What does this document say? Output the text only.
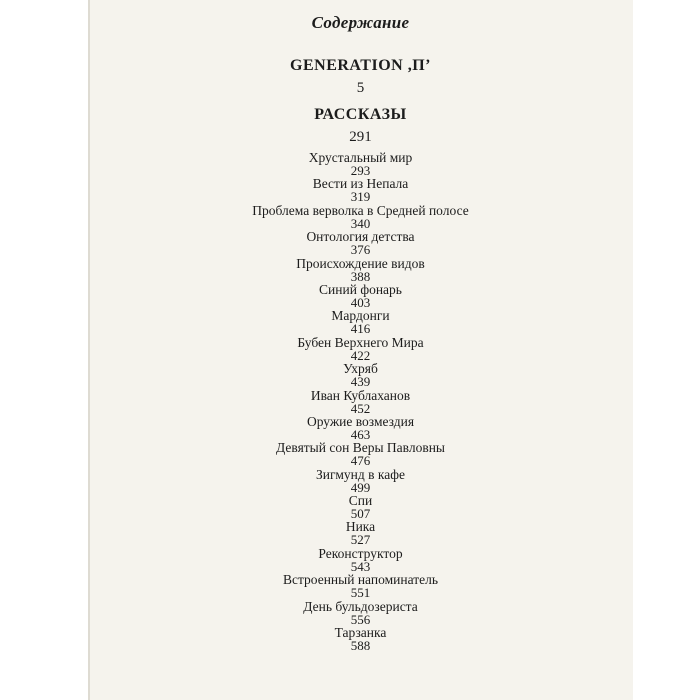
Содержание
GENERATION ,П’
5
РАССКАЗЫ
291
Хрустальный мир
293
Вести из Непала
319
Проблема верволка в Средней полосе
340
Онтология детства
376
Происхождение видов
388
Синий фонарь
403
Мардонги
416
Бубен Верхнего Мира
422
Ухряб
439
Иван Кублаханов
452
Оружие возмездия
463
Девятый сон Веры Павловны
476
Зигмунд в кафе
499
Спи
507
Ника
527
Реконструктор
543
Встроенный напоминатель
551
День бульдозериста
556
Тарзанка
588
